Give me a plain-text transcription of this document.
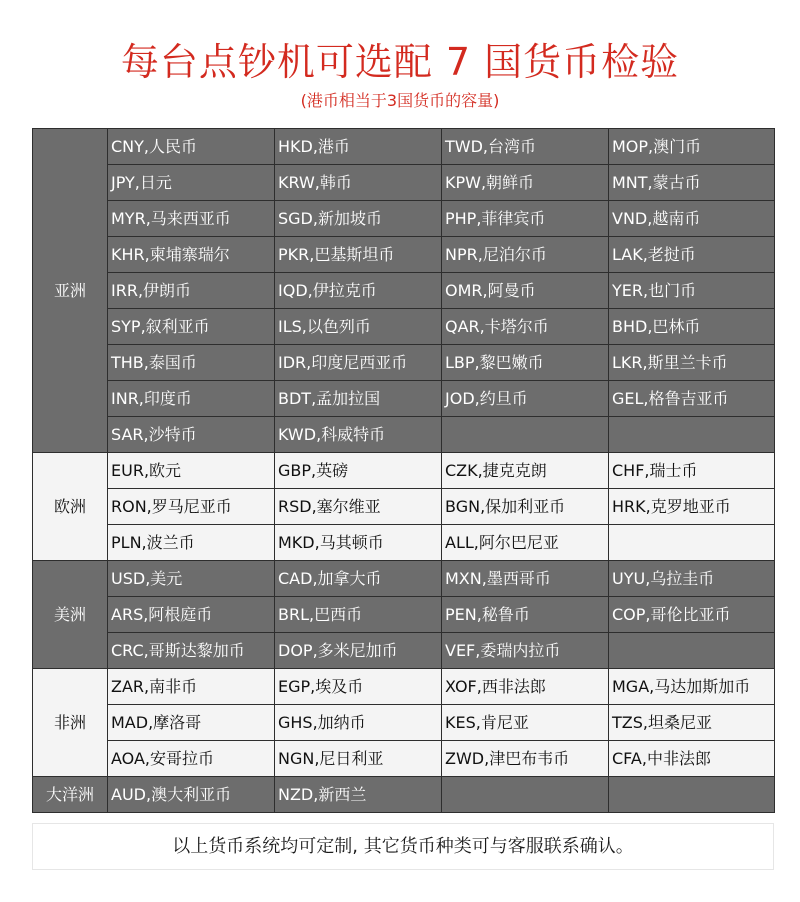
每台点钞机可选配 7 国货币检验
(港币相当于3国货币的容量)
亚洲	CNY,人民币	HKD,港币	TWD,台湾币	MOP,澳门币
	JPY,日元	KRW,韩币	KPW,朝鲜币	MNT,蒙古币
	MYR,马来西亚币	SGD,新加坡币	PHP,菲律宾币	VND,越南币
	KHR,柬埔寨瑞尔	PKR,巴基斯坦币	NPR,尼泊尔币	LAK,老挝币
	IRR,伊朗币	IQD,伊拉克币	OMR,阿曼币	YER,也门币
	SYP,叙利亚币	ILS,以色列币	QAR,卡塔尔币	BHD,巴林币
	THB,泰国币	IDR,印度尼西亚币	LBP,黎巴嫩币	LKR,斯里兰卡币
	INR,印度币	BDT,孟加拉国	JOD,约旦币	GEL,格鲁吉亚币
	SAR,沙特币	KWD,科威特币		
欧洲	EUR,欧元	GBP,英磅	CZK,捷克克朗	CHF,瑞士币
	RON,罗马尼亚币	RSD,塞尔维亚	BGN,保加利亚币	HRK,克罗地亚币
	PLN,波兰币	MKD,马其顿币	ALL,阿尔巴尼亚	
美洲	USD,美元	CAD,加拿大币	MXN,墨西哥币	UYU,乌拉圭币
	ARS,阿根庭币	BRL,巴西币	PEN,秘鲁币	COP,哥伦比亚币
	CRC,哥斯达黎加币	DOP,多米尼加币	VEF,委瑞内拉币	
非洲	ZAR,南非币	EGP,埃及币	XOF,西非法郎	MGA,马达加斯加币
	MAD,摩洛哥	GHS,加纳币	KES,肯尼亚	TZS,坦桑尼亚
	AOA,安哥拉币	NGN,尼日利亚	ZWD,津巴布韦币	CFA,中非法郎
大洋洲	AUD,澳大利亚币	NZD,新西兰		
以上货币系统均可定制, 其它货币种类可与客服联系确认。
